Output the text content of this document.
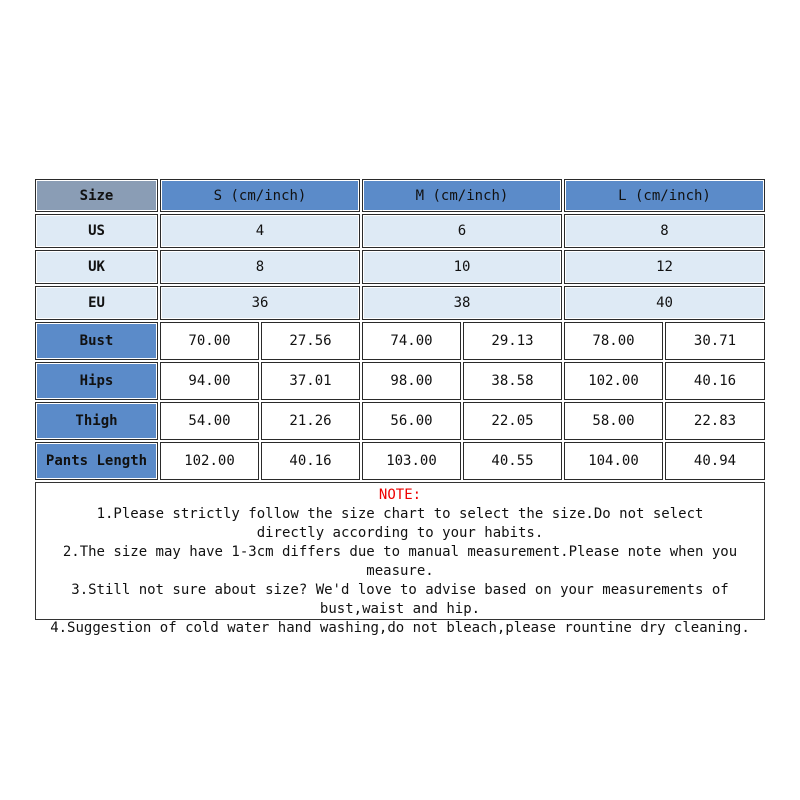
Size	S (cm/inch)	M (cm/inch)	L (cm/inch)
US	4	6	8
UK	8	10	12
EU	36	38	40
Bust	70.00	27.56	74.00	29.13	78.00	30.71
Hips	94.00	37.01	98.00	38.58	102.00	40.16
Thigh	54.00	21.26	56.00	22.05	58.00	22.83
Pants Length	102.00	40.16	103.00	40.55	104.00	40.94

NOTE:

1.Please strictly follow the size chart to select the size.Do not select directly according to your habits.

2.The size may have 1-3cm differs due to manual measurement.Please note when you measure.

3.Still not sure about size? We'd love to advise based on your measurements of bust,waist and hip.

4.Suggestion of cold water hand washing,do not bleach,please rountine dry cleaning.
